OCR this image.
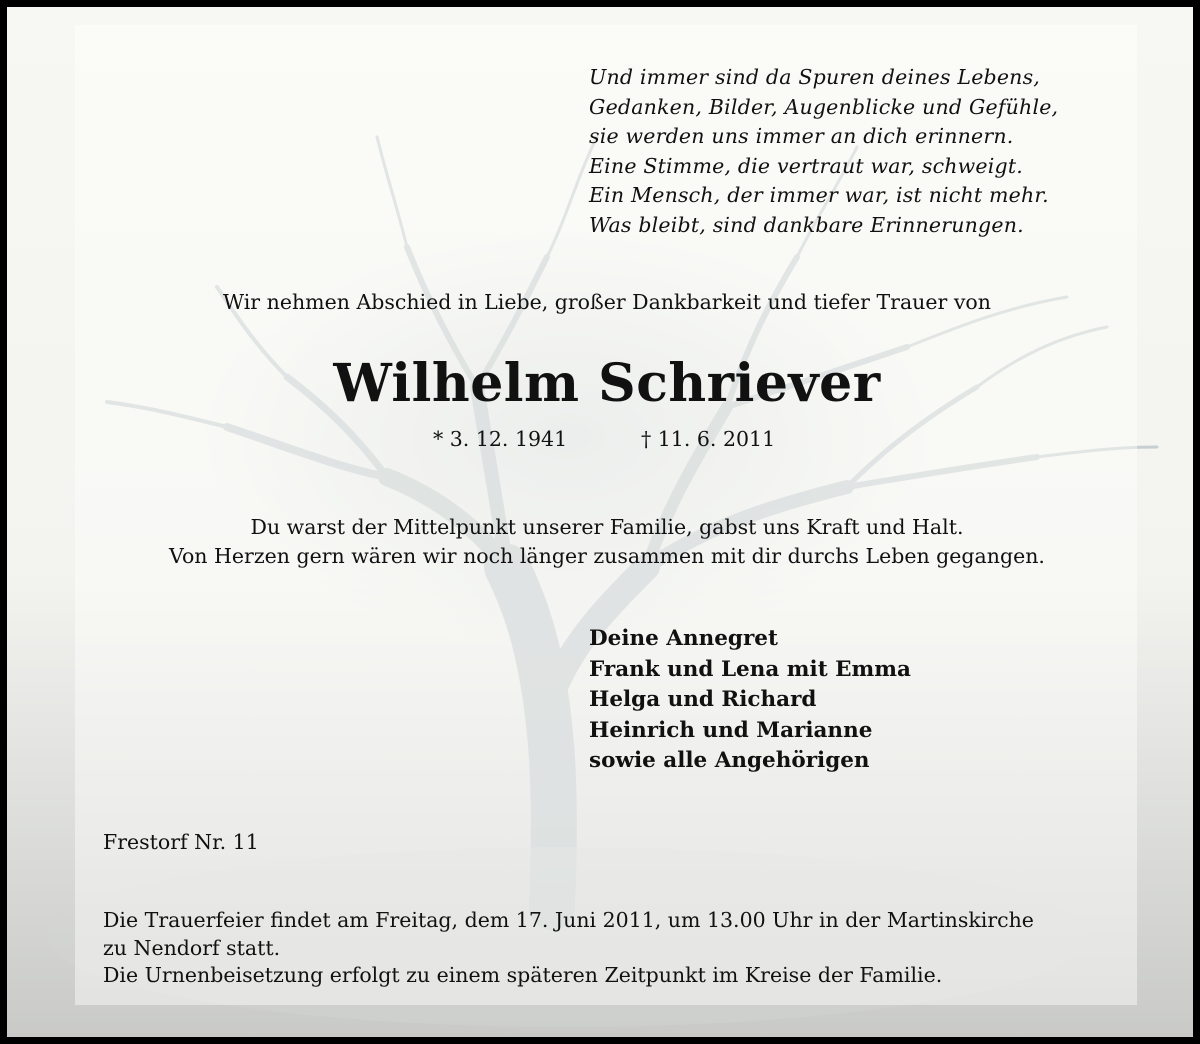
Und immer sind da Spuren deines Lebens,
Gedanken, Bilder, Augenblicke und Gefühle,
sie werden uns immer an dich erinnern.
Eine Stimme, die vertraut war, schweigt.
Ein Mensch, der immer war, ist nicht mehr.
Was bleibt, sind dankbare Erinnerungen.
Wir nehmen Abschied in Liebe, großer Dankbarkeit und tiefer Trauer von
Wilhelm Schriever
* 3. 12. 1941	† 11. 6. 2011
Du warst der Mittelpunkt unserer Familie, gabst uns Kraft und Halt.
Von Herzen gern wären wir noch länger zusammen mit dir durchs Leben gegangen.
Deine Annegret
Frank und Lena mit Emma
Helga und Richard
Heinrich und Marianne
sowie alle Angehörigen
Frestorf Nr. 11
Die Trauerfeier findet am Freitag, dem 17. Juni 2011, um 13.00 Uhr in der Martinskirche
zu Nendorf statt.
Die Urnenbeisetzung erfolgt zu einem späteren Zeitpunkt im Kreise der Familie.
